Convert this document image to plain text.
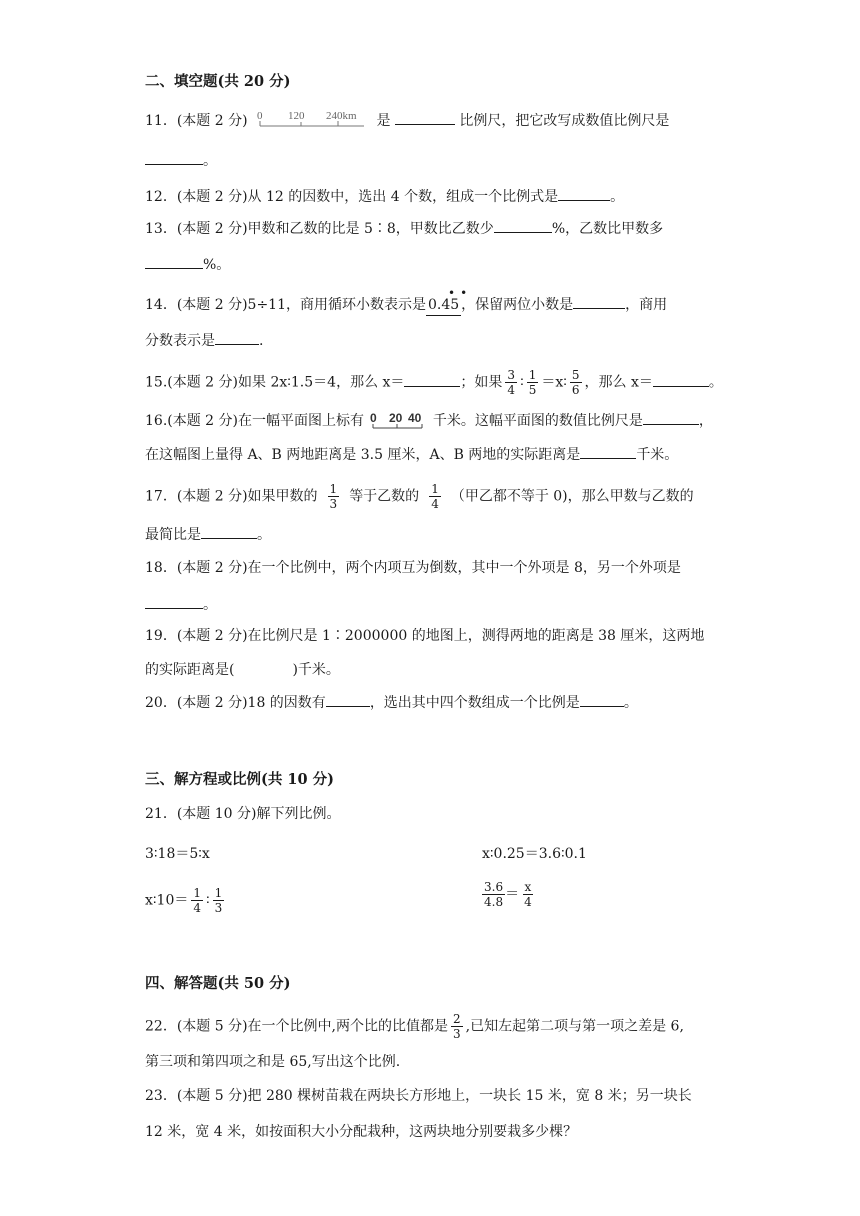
二、填空题(共 20 分)
11．(本题 2 分) 0 120 240km 是	比例尺，把它改写成数值比例尺是
。
12．(本题 2 分)从 12 的因数中，选出 4 个数，组成一个比例式是	。
13．(本题 2 分)甲数和乙数的比是 5∶8，甲数比乙数少	%，乙数比甲数多
%。
14．(本题 2 分)5÷11，商用循环小数表示是
••
0.45 ，保留两位小数是	，商用
分数表示是	.
15.(本题 2 分)如果 2x∶1.5＝4，那么 x＝	；如果 $\frac{3}{4}$ ∶ $\frac{1}{5}$ ＝x∶ $\frac{5}{6}$ ，那么 x＝	。
16.(本题 2 分)在一幅平面图上标有 0 20 40 千米。这幅平面图的数值比例尺是	，
在这幅图上量得 A、B 两地距离是 3.5 厘米，A、B 两地的实际距离是	千米。
17．(本题 2 分)如果甲数的 $\frac{1}{3}$ 等于乙数的 $\frac{1}{4}$ （甲乙都不等于 0)，那么甲数与乙数的
最简比是	。
18．(本题 2 分)在一个比例中，两个内项互为倒数，其中一个外项是 8，另一个外项是
。
19．(本题 2 分)在比例尺是 1∶2000000 的地图上，测得两地的距离是 38 厘米，这两地
的实际距离是(	)千米。
20．(本题 2 分)18 的因数有	，选出其中四个数组成一个比例是	。
三、解方程或比例(共 10 分)
21．(本题 10 分)解下列比例。
3∶18＝5∶x	x∶0.25＝3.6∶0.1
x∶10＝ $\frac{1}{4}$ ∶ $\frac{1}{3}$	$\frac{3.6}{4.8} = \frac{x}{4}$
四、解答题(共 50 分)
22．(本题 5 分)在一个比例中,两个比的比值都是 $\frac{2}{3}$ ,已知左起第二项与第一项之差是 6,
第三项和第四项之和是 65,写出这个比例.
23．(本题 5 分)把 280 棵树苗栽在两块长方形地上，一块长 15 米，宽 8 米；另一块长
12 米，宽 4 米，如按面积大小分配栽种，这两块地分别要栽多少棵？
